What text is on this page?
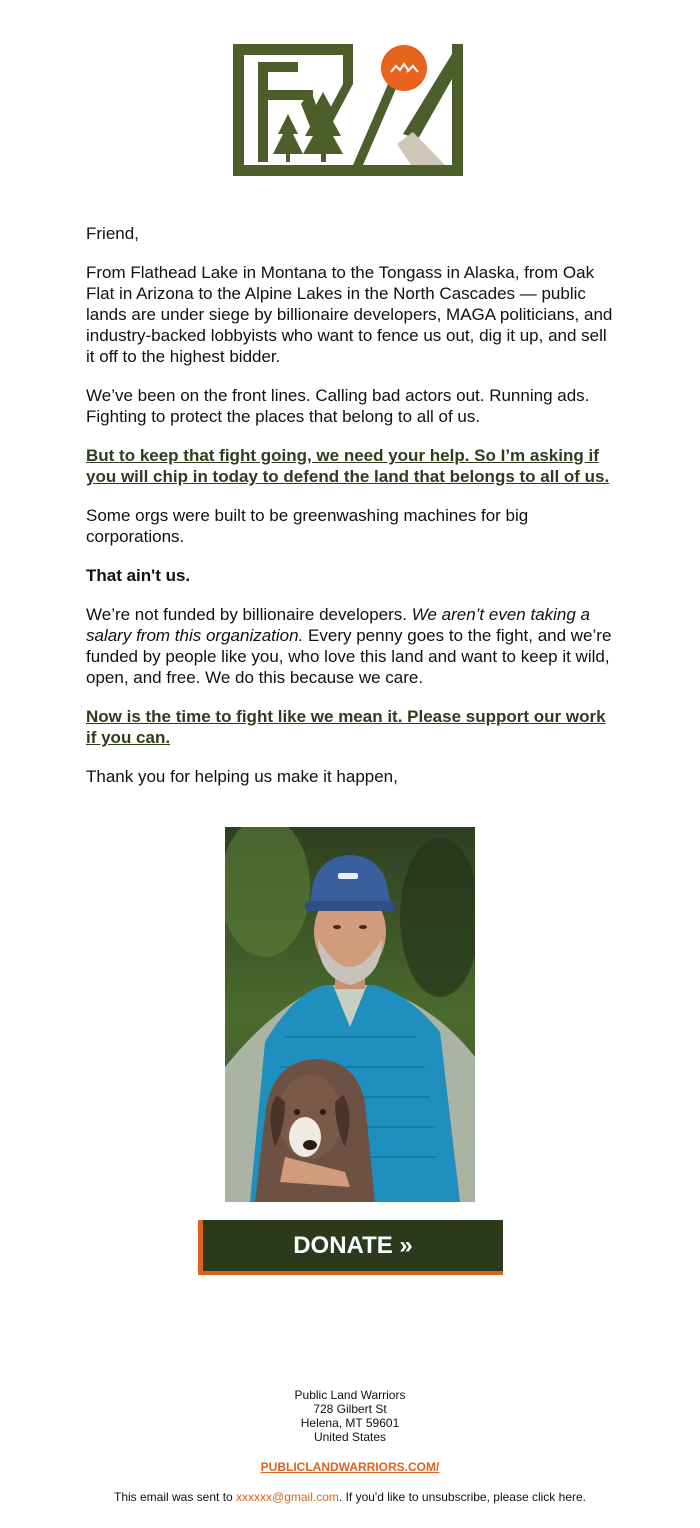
Friend,

From Flathead Lake in Montana to the Tongass in Alaska, from Oak Flat in Arizona to the Alpine Lakes in the North Cascades — public lands are under siege by billionaire developers, MAGA politicians, and industry-backed lobbyists who want to fence us out, dig it up, and sell it off to the highest bidder.

We’ve been on the front lines. Calling bad actors out. Running ads. Fighting to protect the places that belong to all of us.

But to keep that fight going, we need your help. So I’m asking if you will chip in today to defend the land that belongs to all of us.

Some orgs were built to be greenwashing machines for big corporations.

That ain't us.

We’re not funded by billionaire developers. We aren’t even taking a salary from this organization. Every penny goes to the fight, and we’re funded by people like you, who love this land and want to keep it wild, open, and free. We do this because we care.

Now is the time to fight like we mean it. Please support our work if you can.

Thank you for helping us make it happen,

DONATE »
Public Land Warriors
728 Gilbert St
Helena, MT 59601
United States
PUBLICLANDWARRIORS.COM/
This email was sent to xxxxxx@gmail.com. If you'd like to unsubscribe, please click here.
